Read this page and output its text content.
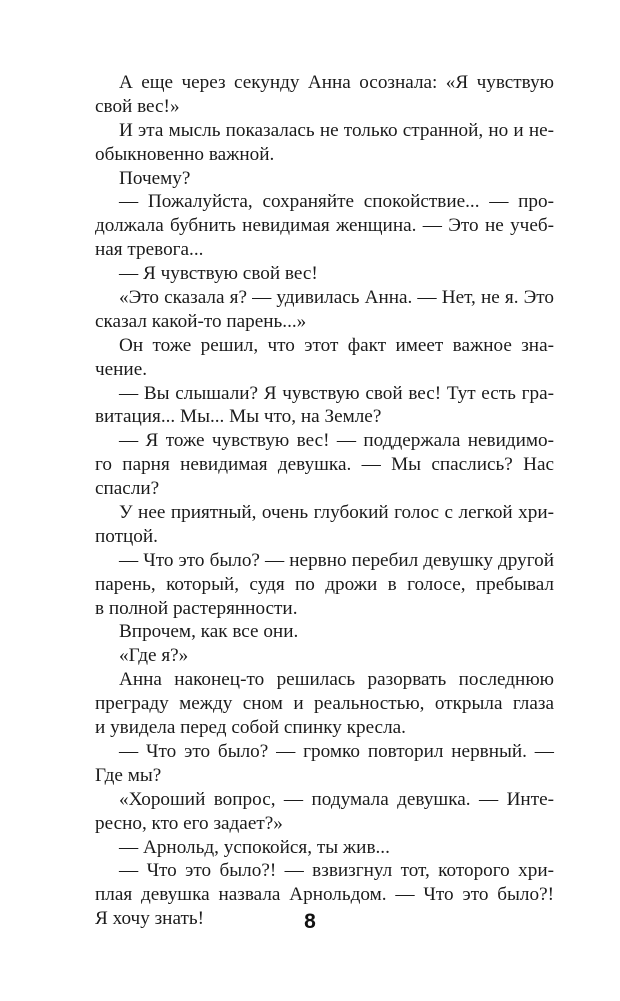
А еще через секунду Анна осознала: «Я чувствую
свой вес!»
И эта мысль показалась не только странной, но и не-
обыкновенно важной.
Почему?
— Пожалуйста, сохраняйте спокойствие... — про-
должала бубнить невидимая женщина. — Это не учеб-
ная тревога...
— Я чувствую свой вес!
«Это сказала я? — удивилась Анна. — Нет, не я. Это
сказал какой-то парень...»
Он тоже решил, что этот факт имеет важное зна-
чение.
— Вы слышали? Я чувствую свой вес! Тут есть гра-
витация... Мы... Мы что, на Земле?
— Я тоже чувствую вес! — поддержала невидимо-
го парня невидимая девушка. — Мы спаслись? Нас
спасли?
У нее приятный, очень глубокий голос с легкой хри-
потцой.
— Что это было? — нервно перебил девушку другой
парень, который, судя по дрожи в голосе, пребывал
в полной растерянности.
Впрочем, как все они.
«Где я?»
Анна наконец-то решилась разорвать последнюю
преграду между сном и реальностью, открыла глаза
и увидела перед собой спинку кресла.
— Что это было? — громко повторил нервный. —
Где мы?
«Хороший вопрос, — подумала девушка. — Инте-
ресно, кто его задает?»
— Арнольд, успокойся, ты жив...
— Что это было?! — взвизгнул тот, которого хри-
плая девушка назвала Арнольдом. — Что это было?!
Я хочу знать!	8
